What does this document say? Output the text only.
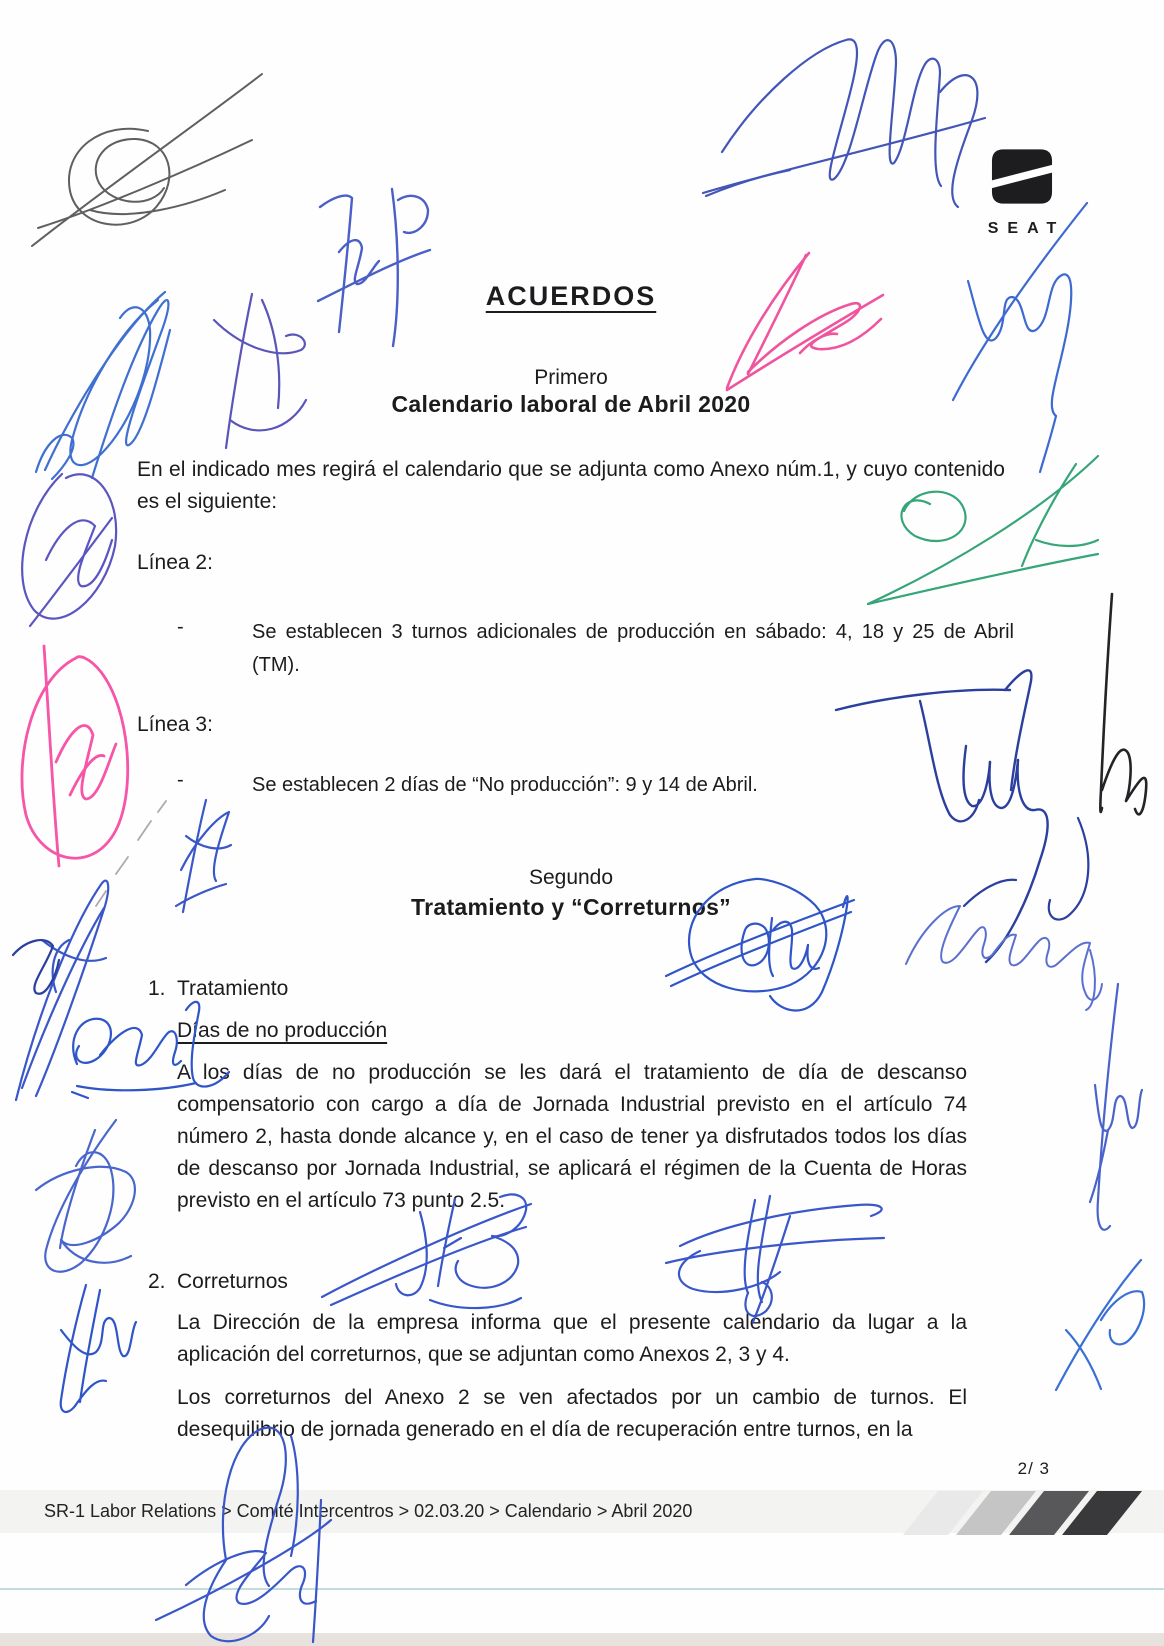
SEAT
ACUERDOS
Primero
Calendario laboral de Abril 2020
En el indicado mes regirá el calendario que se adjunta como Anexo núm.1, y cuyo contenido es el siguiente:
Línea 2:
-	Se establecen 3 turnos adicionales de producción en sábado: 4, 18 y 25 de Abril (TM).
Línea 3:
-	Se establecen 2 días de “No producción”: 9 y 14 de Abril.
Segundo
Tratamiento y “Correturnos”
1. Tratamiento
Días de no producción
A los días de no producción se les dará el tratamiento de día de descanso compensatorio con cargo a día de Jornada Industrial previsto en el artículo 74 número 2, hasta donde alcance y, en el caso de tener ya disfrutados todos los días de descanso por Jornada Industrial, se aplicará el régimen de la Cuenta de Horas previsto en el artículo 73 punto 2.5.
2. Correturnos
La Dirección de la empresa informa que el presente calendario da lugar a la aplicación del correturnos, que se adjuntan como Anexos 2, 3 y 4.
Los correturnos del Anexo 2 se ven afectados por un cambio de turnos. El desequilibrio de jornada generado en el día de recuperación entre turnos, en la
2/ 3
SR-1 Labor Relations > Comité Intercentros > 02.03.20 > Calendario > Abril 2020
